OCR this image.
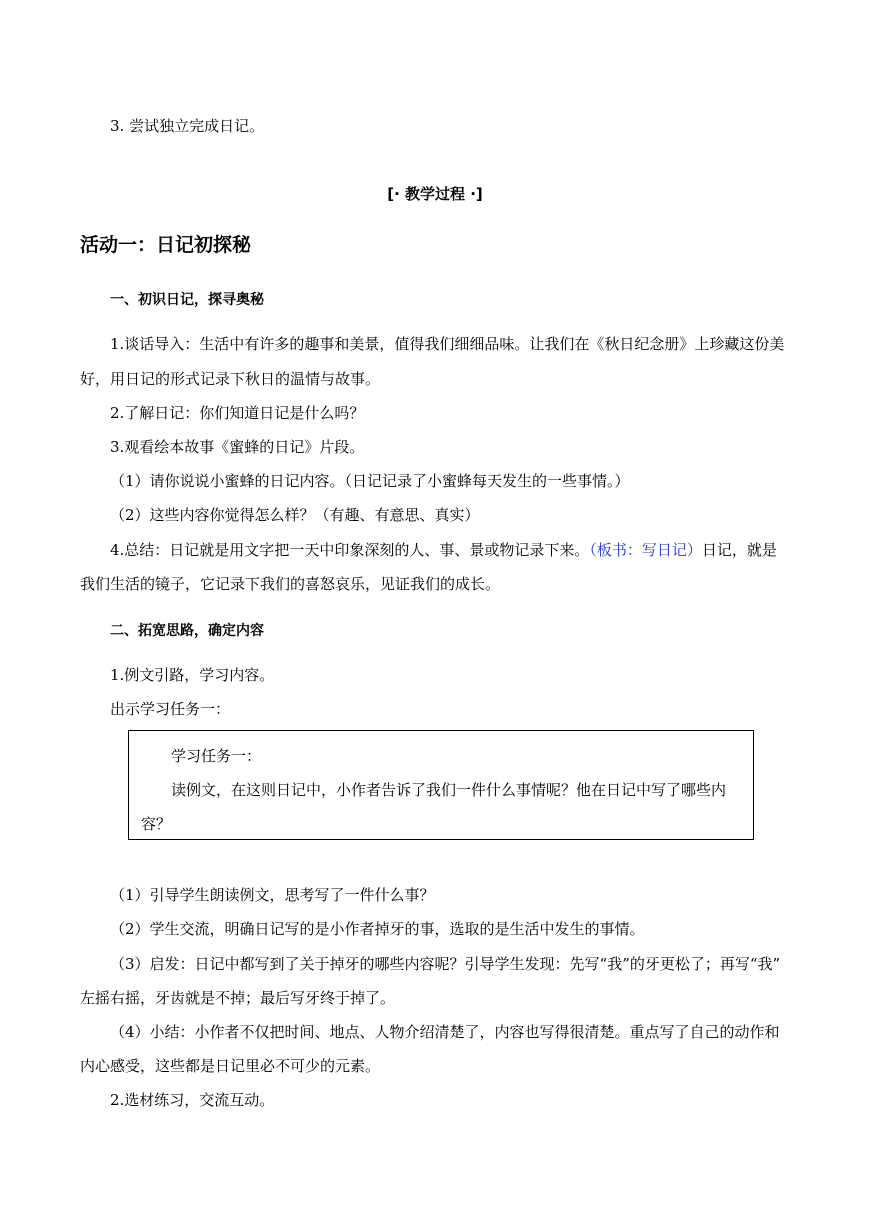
3. 尝试独立完成日记。
[· 教学过程 ·]
活动一：日记初探秘
一、初识日记，探寻奥秘
1.谈话导入：生活中有许多的趣事和美景，值得我们细细品味。让我们在《秋日纪念册》上珍藏这份美
好，用日记的形式记录下秋日的温情与故事。
2.了解日记：你们知道日记是什么吗？
3.观看绘本故事《蜜蜂的日记》片段。
（1）请你说说小蜜蜂的日记内容。（日记记录了小蜜蜂每天发生的一些事情。）
（2）这些内容你觉得怎么样？（有趣、有意思、真实）
4.总结：日记就是用文字把一天中印象深刻的人、事、景或物记录下来。（板书：写日记）日记，就是
我们生活的镜子，它记录下我们的喜怒哀乐，见证我们的成长。
二、拓宽思路，确定内容
1.例文引路，学习内容。
出示学习任务一：
学习任务一：
读例文，在这则日记中，小作者告诉了我们一件什么事情呢？他在日记中写了哪些内
容？
（1）引导学生朗读例文，思考写了一件什么事？
（2）学生交流，明确日记写的是小作者掉牙的事，选取的是生活中发生的事情。
（3）启发：日记中都写到了关于掉牙的哪些内容呢？引导学生发现：先写“我”的牙更松了；再写“我”
左摇右摇，牙齿就是不掉；最后写牙终于掉了。
（4）小结：小作者不仅把时间、地点、人物介绍清楚了，内容也写得很清楚。重点写了自己的动作和
内心感受，这些都是日记里必不可少的元素。
2.选材练习，交流互动。
